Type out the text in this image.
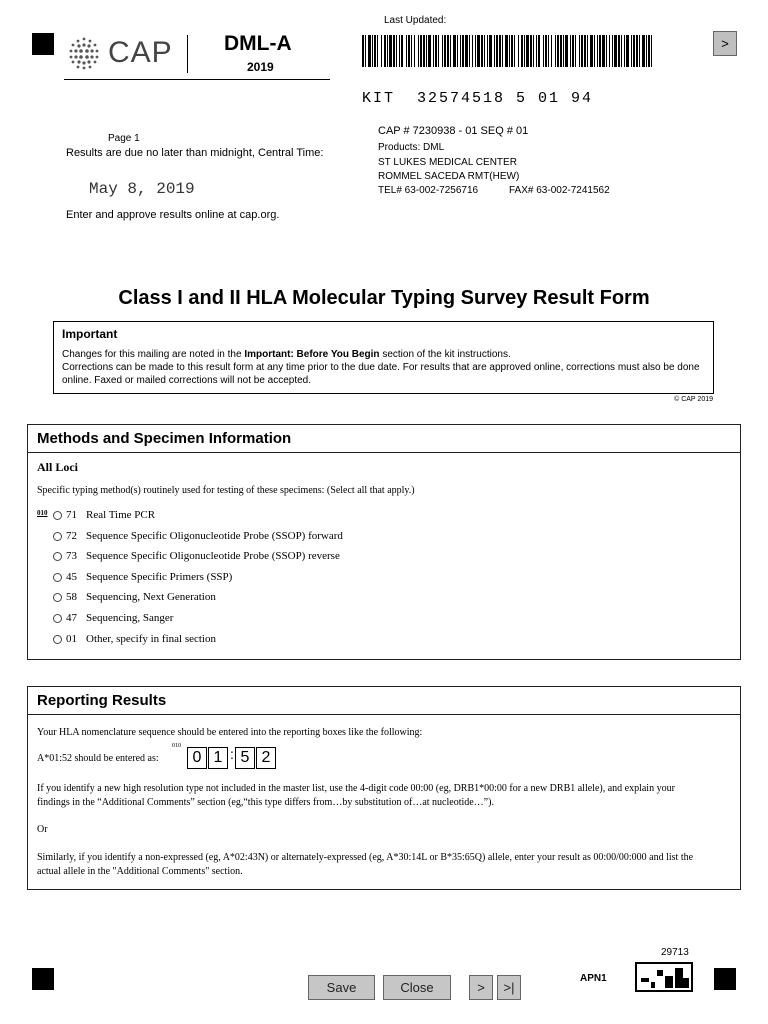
CAP DML-A
2019
Last Updated:
KIT  32574518 5 01 94
>
Page 1
Results are due no later than midnight, Central Time:
May 8, 2019
Enter and approve results online at cap.org.
CAP # 7230938 - 01 SEQ # 01
Products: DML
ST LUKES MEDICAL CENTER
ROMMEL SACEDA RMT(HEW)
TEL# 63-002-7256716	FAX# 63-002-7241562
Class I and II HLA Molecular Typing Survey Result Form
Important
Changes for this mailing are noted in the Important: Before You Begin section of the kit instructions.
Corrections can be made to this result form at any time prior to the due date. For results that are approved online, corrections must also be done online. Faxed or mailed corrections will not be accepted.
© CAP 2019
Methods and Specimen Information
All Loci
Specific typing method(s) routinely used for testing of these specimens: (Select all that apply.)
010 71 Real Time PCR
72 Sequence Specific Oligonucleotide Probe (SSOP) forward
73 Sequence Specific Oligonucleotide Probe (SSOP) reverse
45 Sequence Specific Primers (SSP)
58 Sequencing, Next Generation
47 Sequencing, Sanger
01 Other, specify in final section
Reporting Results
Your HLA nomenclature sequence should be entered into the reporting boxes like the following:
A*01:52 should be entered as:
010
0 1 : 5 2
If you identify a new high resolution type not included in the master list, use the 4-digit code 00:00 (eg, DRB1*00:00 for a new DRB1 allele), and explain your findings in the “Additional Comments” section (eg,“this type differs from…by substitution of…at nucleotide…”).
Or
Similarly, if you identify a non-expressed (eg, A*02:43N) or alternately-expressed (eg, A*30:14L or B*35:65Q) allele, enter your result as 00:00/00:000 and list the actual allele in the "Additional Comments" section.
29713
APN1
Save	Close	>	>|
